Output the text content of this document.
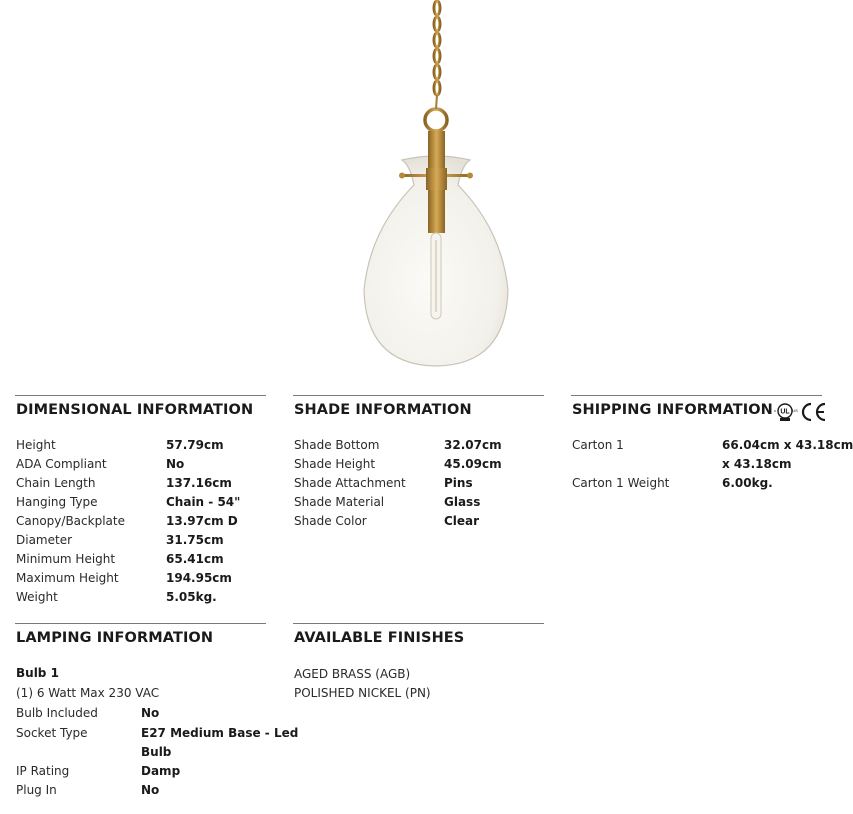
DIMENSIONAL INFORMATION
Height	57.79cm
ADA Compliant	No
Chain Length	137.16cm
Hanging Type	Chain - 54"
Canopy/Backplate	13.97cm D
Diameter	31.75cm
Minimum Height	65.41cm
Maximum Height	194.95cm
Weight	5.05kg.
SHADE INFORMATION
Shade Bottom	32.07cm
Shade Height	45.09cm
Shade Attachment	Pins
Shade Material	Glass
Shade Color	Clear
SHIPPING INFORMATION UL
c	US
Carton 1	66.04cm x 43.18cm
x 43.18cm
Carton 1 Weight	6.00kg.
LAMPING INFORMATION
Bulb 1
(1) 6 Watt Max 230 VAC
Bulb Included	No
Socket Type	E27 Medium Base - Led
Bulb
IP Rating	Damp
Plug In	No
AVAILABLE FINISHES
AGED BRASS (AGB)
POLISHED NICKEL (PN)
